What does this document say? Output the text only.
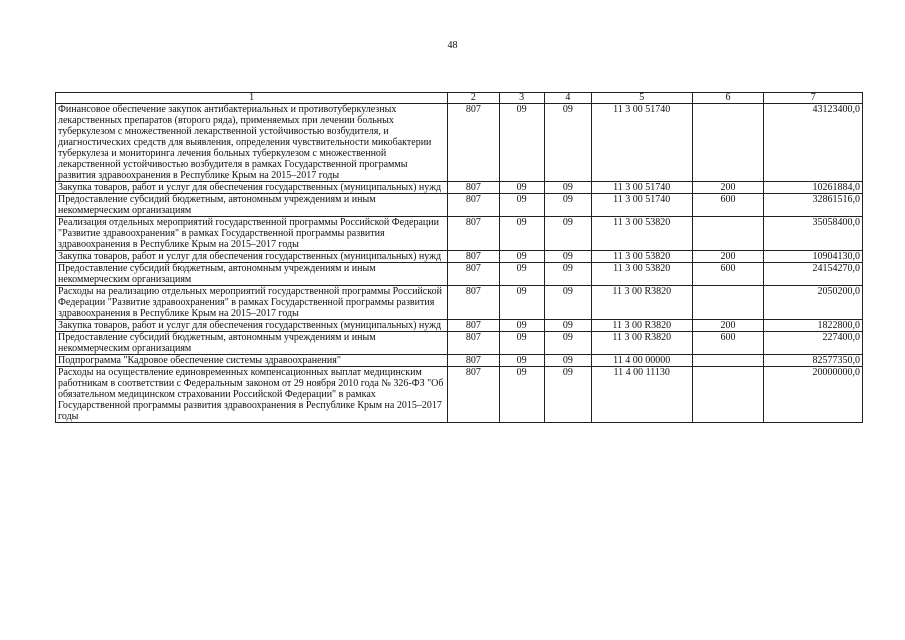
48
1	2	3	4	5	6	7
Финансовое обеспечение закупок антибактериальных и противотуберкулезных лекарственных препаратов (второго ряда), применяемых при лечении больных туберкулезом с множественной лекарственной устойчивостью возбудителя, и диагностических средств для выявления, определения чувствительности микобактерии туберкулеза и мониторинга лечения больных туберкулезом с множественной лекарственной устойчивостью возбудителя в рамках Государственной программы развития здравоохранения в Республике Крым на 2015–2017 годы	807	09	09	11 3 00 51740		43123400,0
Закупка товаров, работ и услуг для обеспечения государственных (муниципальных) нужд	807	09	09	11 3 00 51740	200	10261884,0
Предоставление субсидий бюджетным, автономным учреждениям и иным некоммерческим организациям	807	09	09	11 3 00 51740	600	32861516,0
Реализация отдельных мероприятий государственной программы Российской Федерации "Развитие здравоохранения" в рамках Государственной программы развития здравоохранения в Республике Крым на 2015–2017 годы	807	09	09	11 3 00 53820		35058400,0
Закупка товаров, работ и услуг для обеспечения государственных (муниципальных) нужд	807	09	09	11 3 00 53820	200	10904130,0
Предоставление субсидий бюджетным, автономным учреждениям и иным некоммерческим организациям	807	09	09	11 3 00 53820	600	24154270,0
Расходы на реализацию отдельных мероприятий государственной программы Российской Федерации "Развитие здравоохранения" в рамках Государственной программы развития здравоохранения в Республике Крым на 2015–2017 годы	807	09	09	11 3 00 R3820		2050200,0
Закупка товаров, работ и услуг для обеспечения государственных (муниципальных) нужд	807	09	09	11 3 00 R3820	200	1822800,0
Предоставление субсидий бюджетным, автономным учреждениям и иным некоммерческим организациям	807	09	09	11 3 00 R3820	600	227400,0
Подпрограмма "Кадровое обеспечение системы здравоохранения"	807	09	09	11 4 00 00000		82577350,0
Расходы на осуществление единовременных компенсационных выплат медицинским работникам в соответствии с Федеральным законом от 29 ноября 2010 года № 326-ФЗ "Об обязательном медицинском страховании Российской Федерации" в рамках Государственной программы развития здравоохранения в Республике Крым на 2015–2017 годы	807	09	09	11 4 00 11130		20000000,0
